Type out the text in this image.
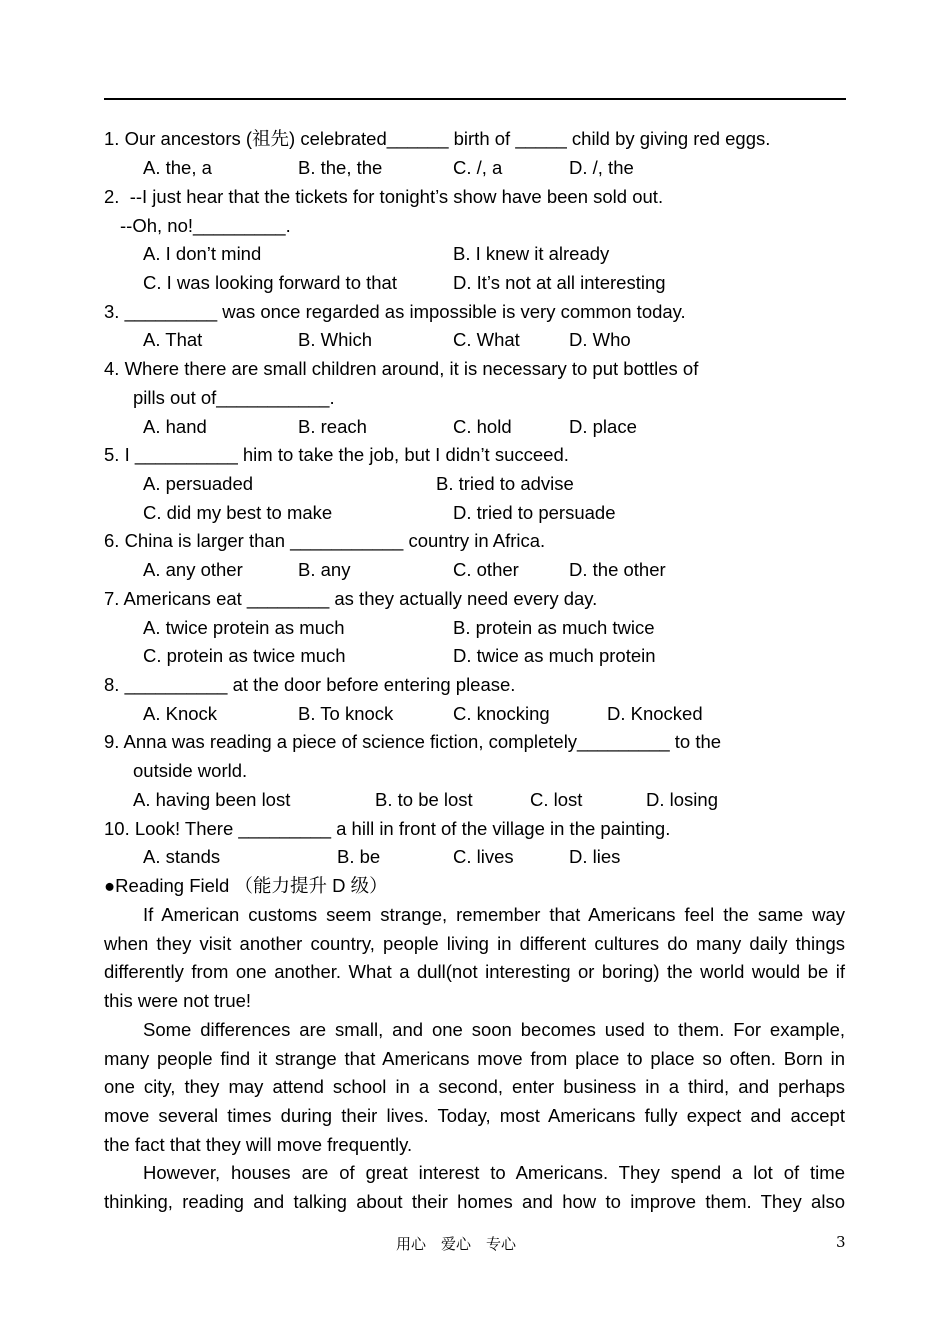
1. Our ancestors (祖先) celebrated______ birth of _____ child by giving red eggs.
A. the, a	B. the, the	C. /, a	D. /, the
2.  --I just hear that the tickets for tonight’s show have been sold out.
--Oh, no!_________.
A. I don’t mind	B. I knew it already
C. I was looking forward to that	D. It’s not at all interesting
3. _________ was once regarded as impossible is very common today.
A. That	B. Which	C. What	D. Who
4. Where there are small children around, it is necessary to put bottles of
pills out of___________.
A. hand	B. reach	C. hold	D. place
5. I __________ him to take the job, but I didn’t succeed.
A. persuaded	B. tried to advise
C. did my best to make	D. tried to persuade
6. China is larger than ___________ country in Africa.
A. any other	B. any	C. other	D. the other
7. Americans eat ________ as they actually need every day.
A. twice protein as much	B. protein as much twice
C. protein as twice much	D. twice as much protein
8. __________ at the door before entering please.
A. Knock	B. To knock	C. knocking	D. Knocked
9. Anna was reading a piece of science fiction, completely_________ to the
outside world.
A. having been lost	B. to be lost	C. lost	D. losing
10. Look! There _________ a hill in front of the village in the painting.
A. stands	B. be	C. lives	D. lies
●Reading Field （能力提升 D 级）
If American customs seem strange, remember that Americans feel the same way
when they visit another country, people living in different cultures do many daily things
differently from one another. What a dull(not interesting or boring) the world would be if
this were not true!
Some differences are small, and one soon becomes used to them. For example,
many people find it strange that Americans move from place to place so often. Born in
one city, they may attend school in a second, enter business in a third, and perhaps
move several times during their lives. Today, most Americans fully expect and accept
the fact that they will move frequently.
However, houses are of great interest to Americans. They spend a lot of time
thinking, reading and talking about their homes and how to improve them. They also
用心　爱心　专心	3
